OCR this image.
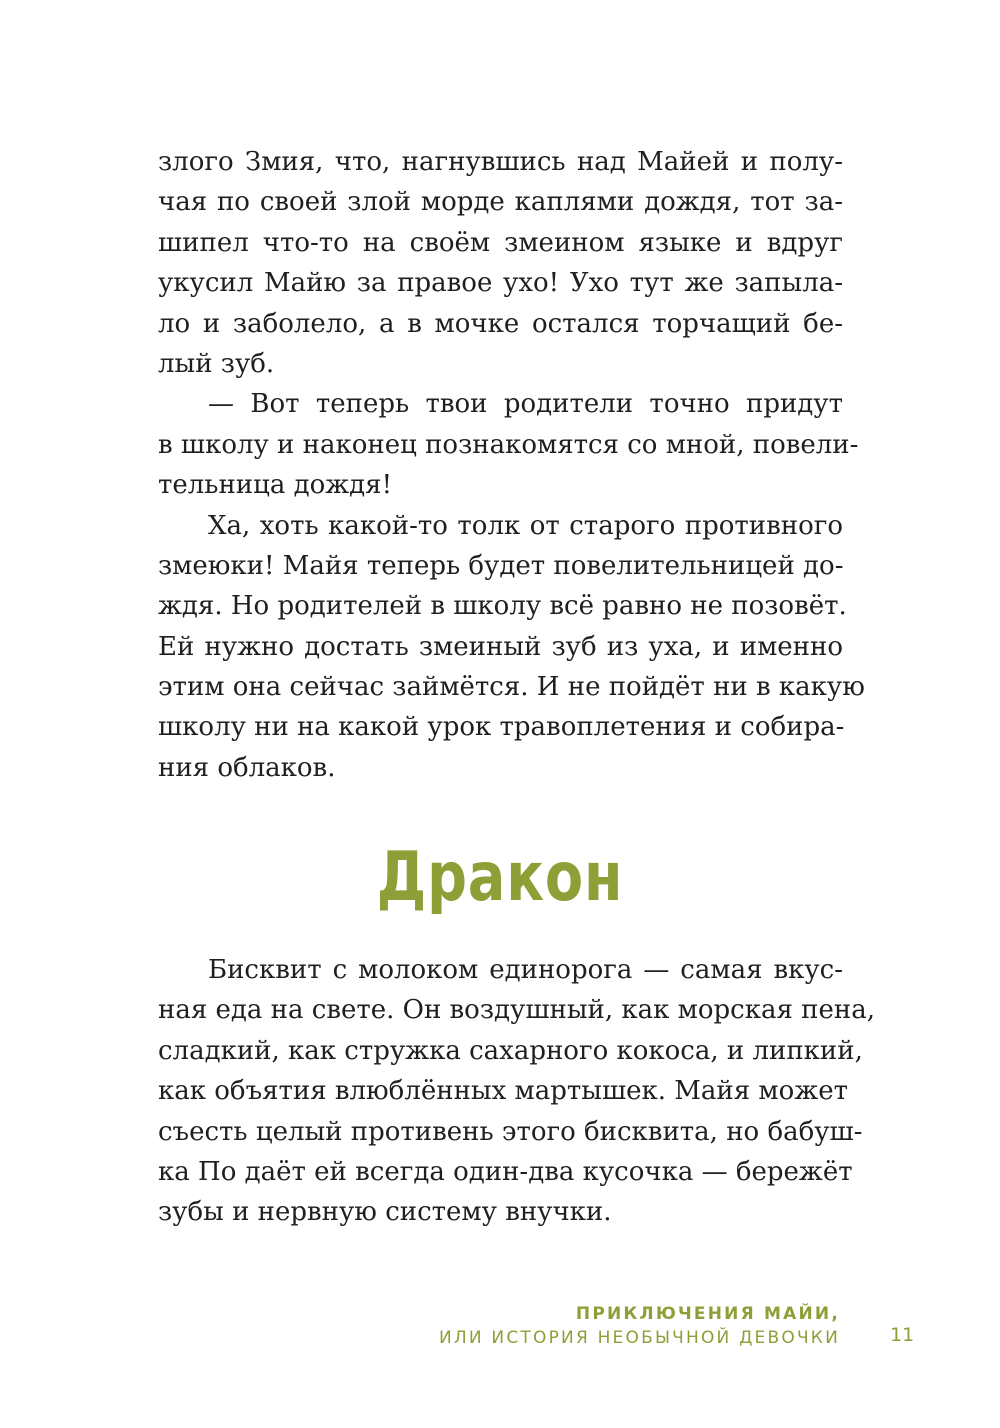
злого Змия, что, нагнувшись над Майей и полу-
чая по своей злой морде каплями дождя, тот за-
шипел что-то на своём змеином языке и вдруг
укусил Майю за правое ухо! Ухо тут же запыла-
ло и заболело, а в мочке остался торчащий бе-
лый зуб.
— Вот теперь твои родители точно придут
в школу и наконец познакомятся со мной, повели-
тельница дождя!
Ха, хоть какой-то толк от старого противного
змеюки! Майя теперь будет повелительницей до-
ждя. Но родителей в школу всё равно не позовёт.
Ей нужно достать змеиный зуб из уха, и именно
этим она сейчас займётся. И не пойдёт ни в какую
школу ни на какой урок травоплетения и собира-
ния облаков.
Дракон
Бисквит с молоком единорога — самая вкус-
ная еда на свете. Он воздушный, как морская пена,
сладкий, как стружка сахарного кокоса, и липкий,
как объятия влюблённых мартышек. Майя может
съесть целый противень этого бисквита, но бабуш-
ка По даёт ей всегда один-два кусочка — бережёт
зубы и нервную систему внучки.
ПРИКЛЮЧЕНИЯ МАЙИ,
ИЛИ ИСТОРИЯ НЕОБЫЧНОЙ ДЕВОЧКИ	11
